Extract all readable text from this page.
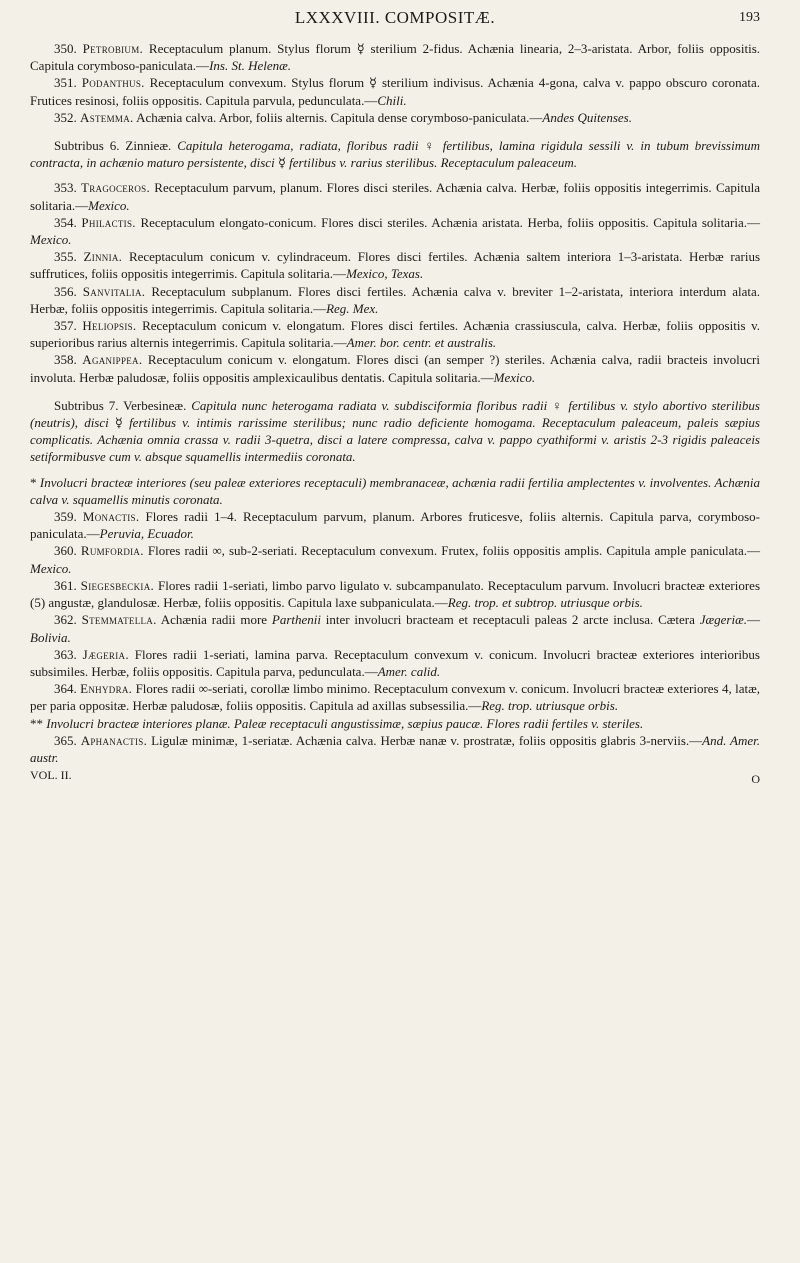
LXXXVIII. COMPOSITÆ.	193

350. Petrobium. Receptaculum planum. Stylus florum ☿ sterilium 2-fidus. Achænia linearia, 2–3-aristata. Arbor, foliis oppositis. Capitula corymboso-paniculata.—Ins. St. Helenæ.

351. Podanthus. Receptaculum convexum. Stylus florum ☿ sterilium indivisus. Achænia 4-gona, calva v. pappo obscuro coronata. Frutices resinosi, foliis oppositis. Capitula parvula, pedunculata.—Chili.

352. Astemma. Achænia calva. Arbor, foliis alternis. Capitula dense corymboso-paniculata.—Andes Quitenses.

Subtribus 6. Zinnieæ. Capitula heterogama, radiata, floribus radii ♀ fertilibus, lamina rigidula sessili v. in tubum brevissimum contracta, in achænio maturo persistente, disci ☿ fertilibus v. rarius sterilibus. Receptaculum paleaceum.

353. Tragoceros. Receptaculum parvum, planum. Flores disci steriles. Achænia calva. Herbæ, foliis oppositis integerrimis. Capitula solitaria.—Mexico.

354. Philactis. Receptaculum elongato-conicum. Flores disci steriles. Achænia aristata. Herba, foliis oppositis. Capitula solitaria.—Mexico.

355. Zinnia. Receptaculum conicum v. cylindraceum. Flores disci fertiles. Achænia saltem interiora 1–3-aristata. Herbæ rarius suffrutices, foliis oppositis integerrimis. Capitula solitaria.—Mexico, Texas.

356. Sanvitalia. Receptaculum subplanum. Flores disci fertiles. Achænia calva v. breviter 1–2-aristata, interiora interdum alata. Herbæ, foliis oppositis integerrimis. Capitula solitaria.—Reg. Mex.

357. Heliopsis. Receptaculum conicum v. elongatum. Flores disci fertiles. Achænia crassiuscula, calva. Herbæ, foliis oppositis v. superioribus rarius alternis integerrimis. Capitula solitaria.—Amer. bor. centr. et australis.

358. Aganippea. Receptaculum conicum v. elongatum. Flores disci (an semper ?) steriles. Achænia calva, radii bracteis involucri involuta. Herbæ paludosæ, foliis oppositis amplexicaulibus dentatis. Capitula solitaria.—Mexico.

Subtribus 7. Verbesineæ. Capitula nunc heterogama radiata v. subdisciformia floribus radii ♀ fertilibus v. stylo abortivo sterilibus (neutris), disci ☿ fertilibus v. intimis rarissime sterilibus; nunc radio deficiente homogama. Receptaculum paleaceum, paleis sæpius complicatis. Achænia omnia crassa v. radii 3-quetra, disci a latere compressa, calva v. pappo cyathiformi v. aristis 2-3 rigidis paleaceis setiformibusve cum v. absque squamellis intermediis coronata.

* Involucri bracteæ interiores (seu paleæ exteriores receptaculi) membranaceæ, achænia radii fertilia amplectentes v. involventes. Achænia calva v. squamellis minutis coronata.

359. Monactis. Flores radii 1–4. Receptaculum parvum, planum. Arbores fruticesve, foliis alternis. Capitula parva, corymboso-paniculata.—Peruvia, Ecuador.

360. Rumfordia. Flores radii ∞, sub-2-seriati. Receptaculum convexum. Frutex, foliis oppositis amplis. Capitula ample paniculata.—Mexico.

361. Siegesbeckia. Flores radii 1-seriati, limbo parvo ligulato v. subcampanulato. Receptaculum parvum. Involucri bracteæ exteriores (5) angustæ, glandulosæ. Herbæ, foliis oppositis. Capitula laxe subpaniculata.—Reg. trop. et subtrop. utriusque orbis.

362. Stemmatella. Achænia radii more Parthenii inter involucri bracteam et receptaculi paleas 2 arcte inclusa. Cætera Jægeriæ.—Bolivia.

363. Jægeria. Flores radii 1-seriati, lamina parva. Receptaculum convexum v. conicum. Involucri bracteæ exteriores interioribus subsimiles. Herbæ, foliis oppositis. Capitula parva, pedunculata.—Amer. calid.

364. Enhydra. Flores radii ∞-seriati, corollæ limbo minimo. Receptaculum convexum v. conicum. Involucri bracteæ exteriores 4, latæ, per paria oppositæ. Herbæ paludosæ, foliis oppositis. Capitula ad axillas subsessilia.—Reg. trop. utriusque orbis.

** Involucri bracteæ interiores planæ. Paleæ receptaculi angustissimæ, sæpius paucæ. Flores radii fertiles v. steriles.

365. Aphanactis. Ligulæ minimæ, 1-seriatæ. Achænia calva. Herbæ nanæ v. prostratæ, foliis oppositis glabris 3-nerviis.—And. Amer. austr.

VOL. II.	O
